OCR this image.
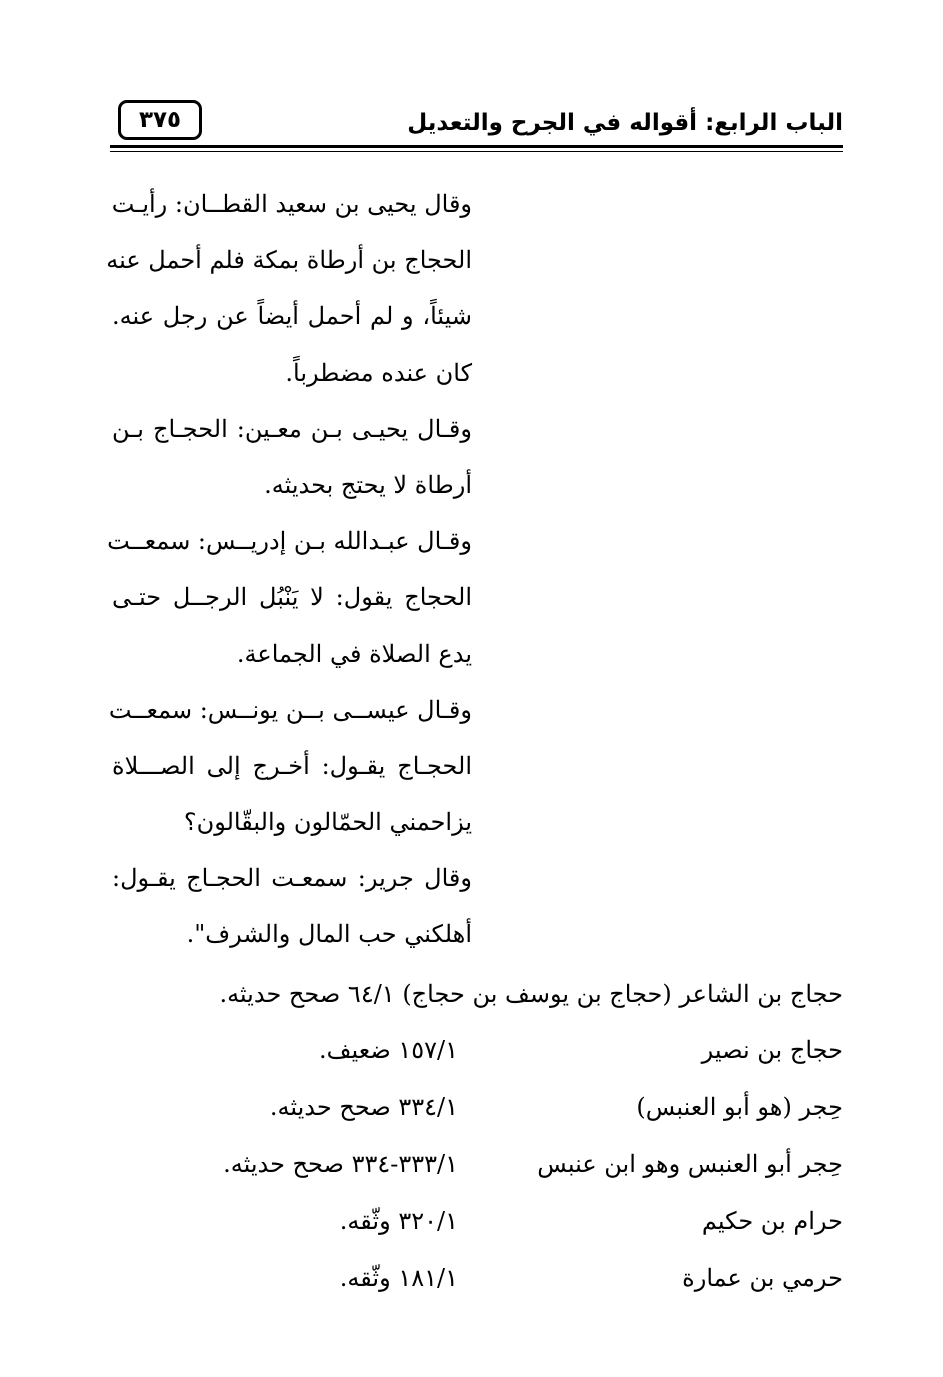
الباب الرابع: أقواله في الجرح والتعديل
٣٧٥
وقال يحيى بن سعيد القطــان: رأيـت
الحجاج بن أرطاة بمكة فلم أحمل عنه
شيئاً، و لم أحمل أيضاً عن رجل عنه.
كان عنده مضطرباً.
وقـال يحيـى بـن معـين: الحجـاج بـن
أرطاة لا يحتج بحديثه.
وقـال عبـدالله بـن إدريــس: سمعــت
الحجاج يقول: لا يَنْبُل الرجــل حتـى
يدع الصلاة في الجماعة.
وقـال عيســى بــن يونــس: سمعــت
الحجـاج يقـول: أخـرج إلى الصـــلاة
يزاحمني الحمّالون والبقّالون؟
وقال جرير: سمعـت الحجـاج يقـول:
أهلكني حب المال والشرف".
حجاج بن الشاعر (حجاج بن يوسف بن حجاج) ٦٤/١ صحح حديثه.
حجاج بن نصير
١٥٧/١ ضعيف.
حِجر (هو أبو العنبس)
٣٣٤/١ صحح حديثه.
حِجر أبو العنبس وهو ابن عنبس
٣٣٣/١-٣٣٤ صحح حديثه.
حرام بن حكيم
٣٢٠/١ وثّقه.
حرمي بن عمارة
١٨١/١ وثّقه.
